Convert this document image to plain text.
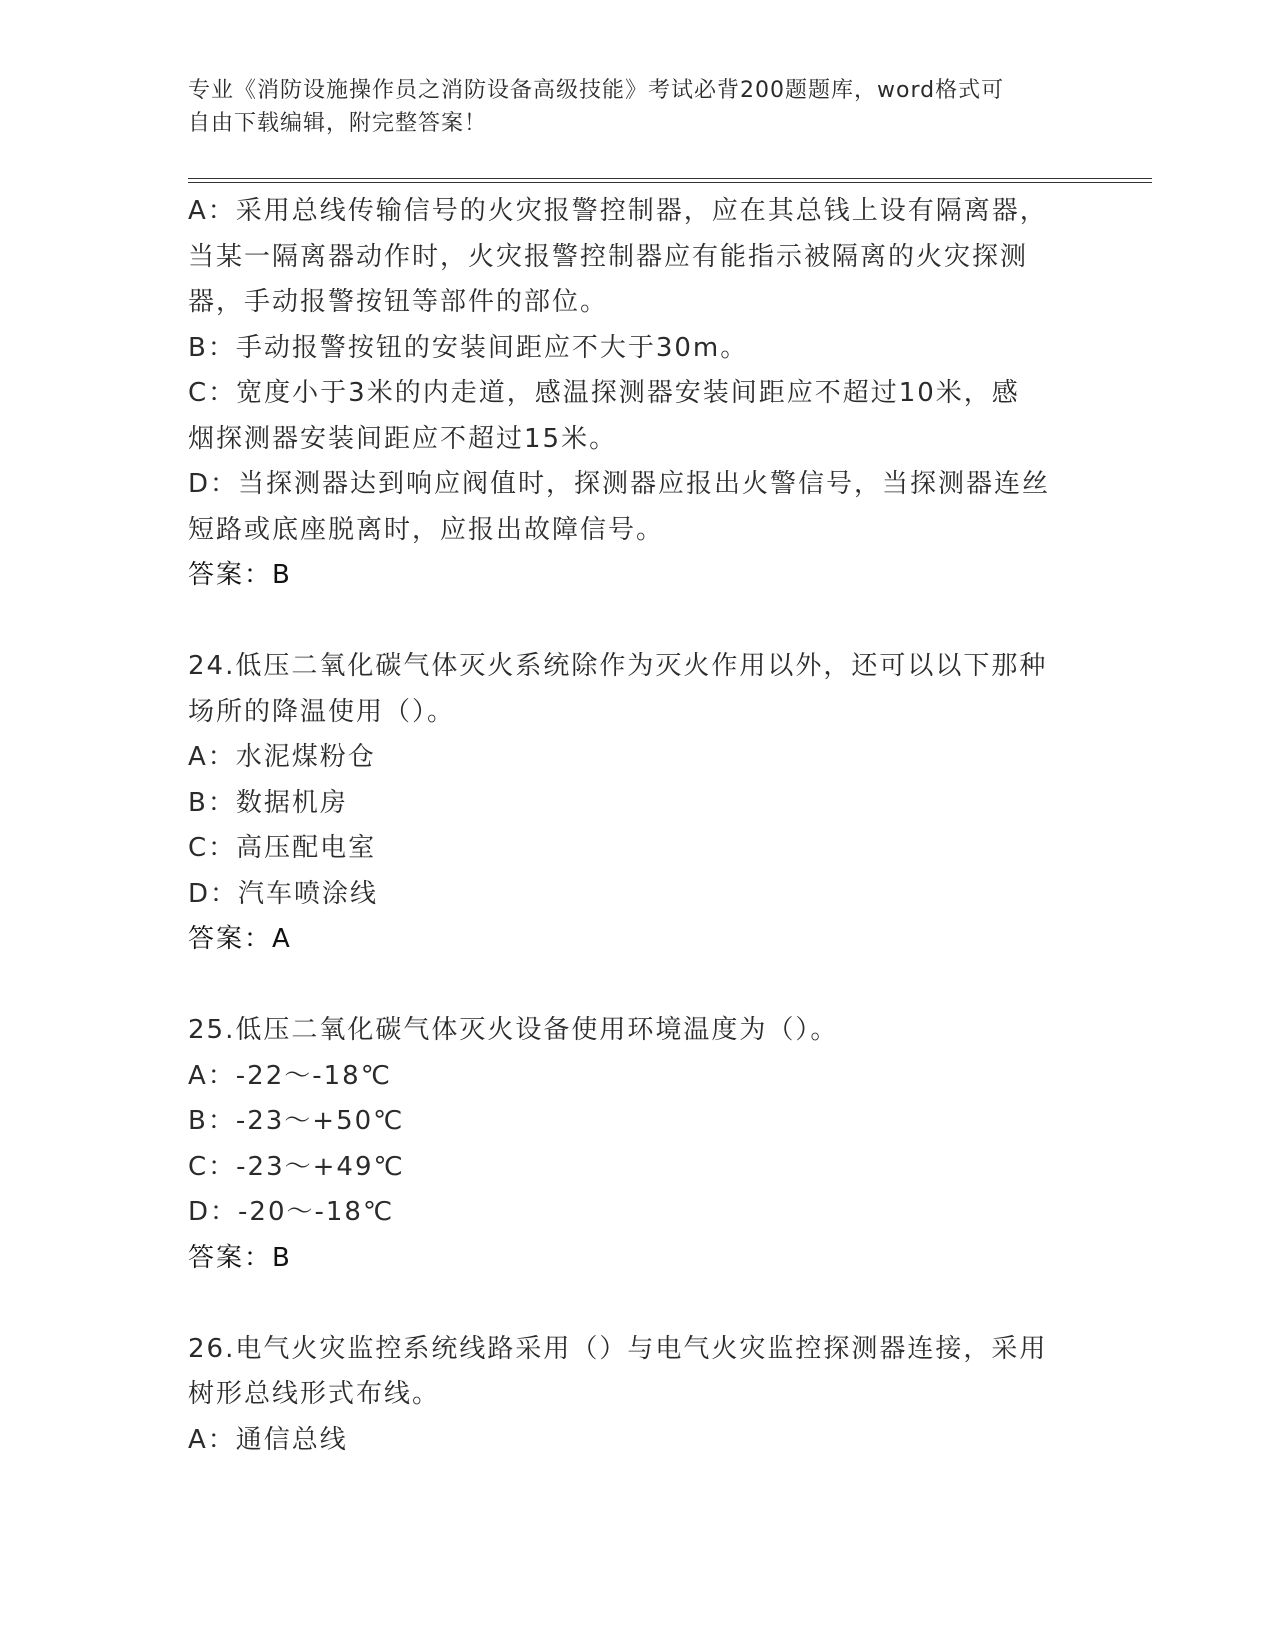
专业《消防设施操作员之消防设备高级技能》考试必背200题题库，word格式可
自由下载编辑，附完整答案！
A：采用总线传输信号的火灾报警控制器，应在其总钱上设有隔离器，
当某一隔离器动作时，火灾报警控制器应有能指示被隔离的火灾探测
器，手动报警按钮等部件的部位。
B：手动报警按钮的安装间距应不大于30m。
C：宽度小于3米的内走道，感温探测器安装间距应不超过10米，感
烟探测器安装间距应不超过15米。
D：当探测器达到响应阀值时，探测器应报出火警信号，当探测器连丝
短路或底座脱离时，应报出故障信号。
答案：B
24.低压二氧化碳气体灭火系统除作为灭火作用以外，还可以以下那种
场所的降温使用（）。
A：水泥煤粉仓
B：数据机房
C：高压配电室
D：汽车喷涂线
答案：A
25.低压二氧化碳气体灭火设备使用环境温度为（）。
A：-22～-18℃
B：-23～+50℃
C：-23～+49℃
D：-20～-18℃
答案：B
26.电气火灾监控系统线路采用（）与电气火灾监控探测器连接，采用
树形总线形式布线。
A：通信总线
